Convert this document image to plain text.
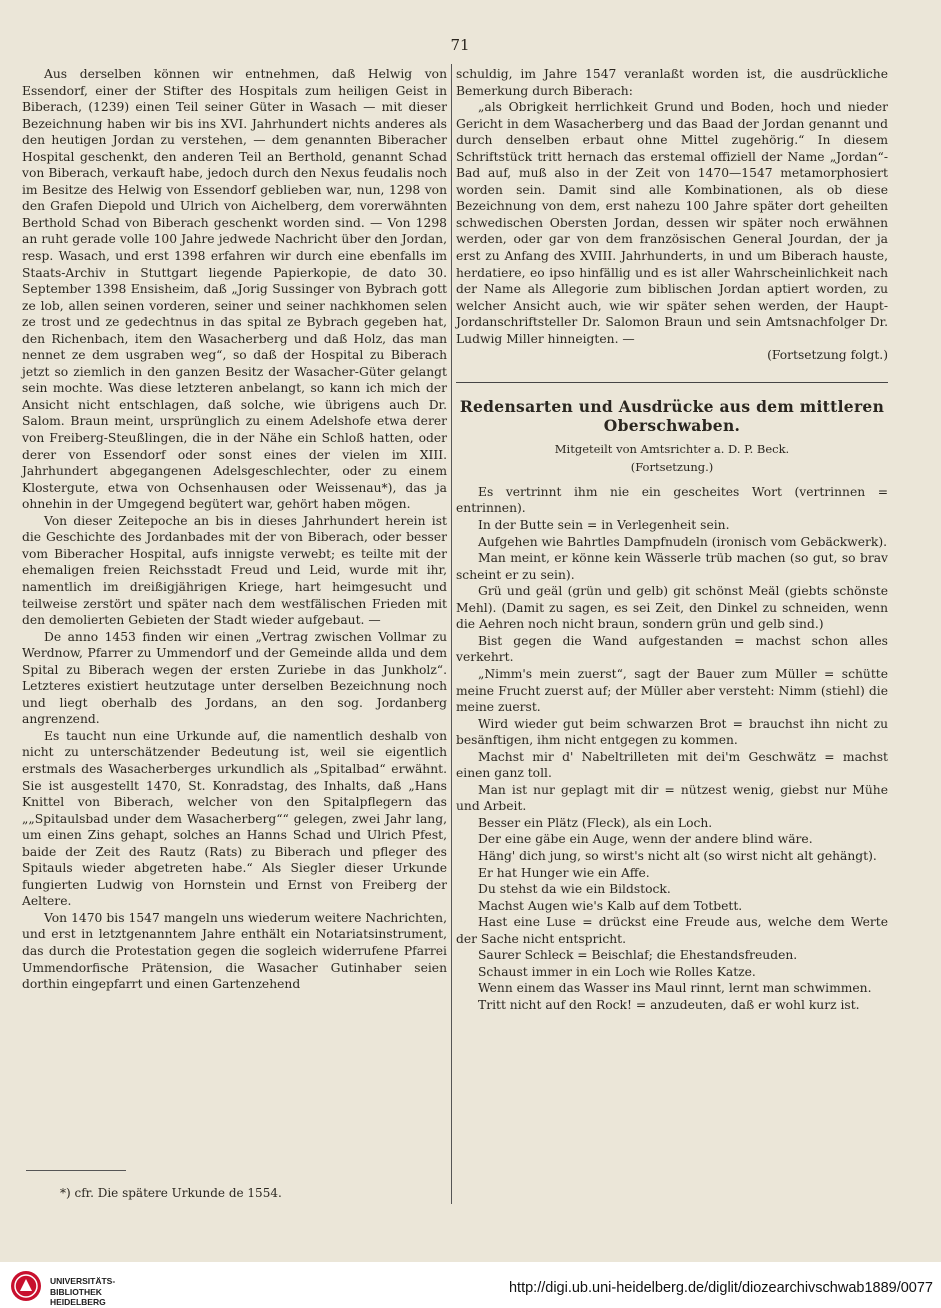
71

Aus derselben können wir entnehmen, daß Helwig von Essendorf, einer der Stifter des Hospitals zum heiligen Geist in Biberach, (1239) einen Teil seiner Güter in Wasach — mit dieser Bezeichnung haben wir bis ins XVI. Jahrhundert nichts anderes als den heutigen Jordan zu verstehen, — dem genannten Biberacher Hospital geschenkt, den anderen Teil an Berthold, genannt Schad von Biberach, verkauft habe, jedoch durch den Nexus feudalis noch im Besitze des Helwig von Essendorf geblieben war, nun, 1298 von den Grafen Diepold und Ulrich von Aichelberg, dem vorerwähnten Berthold Schad von Biberach geschenkt worden sind. — Von 1298 an ruht gerade volle 100 Jahre jedwede Nachricht über den Jordan, resp. Wasach, und erst 1398 erfahren wir durch eine ebenfalls im Staats-Archiv in Stuttgart liegende Papierkopie, de dato 30. September 1398 Ensisheim, daß „Jorig Sussinger von Bybrach gott ze lob, allen seinen vorderen, seiner und seiner nachkhomen selen ze trost und ze gedechtnus in das spital ze Bybrach gegeben hat, den Richenbach, item den Wasacherberg und daß Holz, das man nennet ze dem usgraben weg“, so daß der Hospital zu Biberach jetzt so ziemlich in den ganzen Besitz der Wasacher-Güter gelangt sein mochte. Was diese letzteren anbelangt, so kann ich mich der Ansicht nicht entschlagen, daß solche, wie übrigens auch Dr. Salom. Braun meint, ursprünglich zu einem Adelshofe etwa derer von Freiberg-Steußlingen, die in der Nähe ein Schloß hatten, oder derer von Essendorf oder sonst eines der vielen im XIII. Jahrhundert abgegangenen Adelsgeschlechter, oder zu einem Klostergute, etwa von Ochsenhausen oder Weissenau*), das ja ohnehin in der Umgegend begütert war, gehört haben mögen.

Von dieser Zeitepoche an bis in dieses Jahrhundert herein ist die Geschichte des Jordanbades mit der von Biberach, oder besser vom Biberacher Hospital, aufs innigste verwebt; es teilte mit der ehemaligen freien Reichsstadt Freud und Leid, wurde mit ihr, namentlich im dreißigjährigen Kriege, hart heimgesucht und teilweise zerstört und später nach dem westfälischen Frieden mit den demolierten Gebieten der Stadt wieder aufgebaut. —

De anno 1453 finden wir einen „Vertrag zwischen Vollmar zu Werdnow, Pfarrer zu Ummendorf und der Gemeinde allda und dem Spital zu Biberach wegen der ersten Zuriebe in das Junkholz“. Letzteres existiert heutzutage unter derselben Bezeichnung noch und liegt oberhalb des Jordans, an den sog. Jordanberg angrenzend.

Es taucht nun eine Urkunde auf, die namentlich deshalb von nicht zu unterschätzender Bedeutung ist, weil sie eigentlich erstmals des Wasacherberges urkundlich als „Spitalbad“ erwähnt. Sie ist ausgestellt 1470, St. Konradstag, des Inhalts, daß „Hans Knittel von Biberach, welcher von den Spitalpflegern das „„Spitaulsbad under dem Wasacherberg““ gelegen, zwei Jahr lang, um einen Zins gehapt, solches an Hanns Schad und Ulrich Pfest, baide der Zeit des Rautz (Rats) zu Biberach und pfleger des Spitauls wieder abgetreten habe.“ Als Siegler dieser Urkunde fungierten Ludwig von Hornstein und Ernst von Freiberg der Aeltere.

Von 1470 bis 1547 mangeln uns wiederum weitere Nachrichten, und erst in letztgenanntem Jahre enthält ein Notariatsinstrument, das durch die Protestation gegen die sogleich widerrufene Pfarrei Ummendorfische Prätension, die Wasacher Gutinhaber seien dorthin eingepfarrt und einen Gartenzehend

*) cfr. Die spätere Urkunde de 1554.

schuldig, im Jahre 1547 veranlaßt worden ist, die ausdrückliche Bemerkung durch Biberach:

„als Obrigkeit herrlichkeit Grund und Boden, hoch und nieder Gericht in dem Wasacherberg und das Baad der Jordan genannt und durch denselben erbaut ohne Mittel zugehörig.“ In diesem Schriftstück tritt hernach das erstemal offiziell der Name „Jordan“-Bad auf, muß also in der Zeit von 1470—1547 metamorphosiert worden sein. Damit sind alle Kombinationen, als ob diese Bezeichnung von dem, erst nahezu 100 Jahre später dort geheilten schwedischen Obersten Jordan, dessen wir später noch erwähnen werden, oder gar von dem französischen General Jourdan, der ja erst zu Anfang des XVIII. Jahrhunderts, in und um Biberach hauste, herdatiere, eo ipso hinfällig und es ist aller Wahrscheinlichkeit nach der Name als Allegorie zum biblischen Jordan aptiert worden, zu welcher Ansicht auch, wie wir später sehen werden, der Haupt-Jordanschriftsteller Dr. Salomon Braun und sein Amtsnachfolger Dr. Ludwig Miller hinneigten. —

(Fortsetzung folgt.)

Redensarten und Ausdrücke aus dem mittleren Oberschwaben.
Mitgeteilt von Amtsrichter a. D. P. Beck.
(Fortsetzung.)

Es vertrinnt ihm nie ein gescheites Wort (vertrinnen = entrinnen).

In der Butte sein = in Verlegenheit sein.

Aufgehen wie Bahrtles Dampfnudeln (ironisch vom Gebäckwerk).

Man meint, er könne kein Wässerle trüb machen (so gut, so brav scheint er zu sein).

Grü und geäl (grün und gelb) git schönst Meäl (giebts schönste Mehl). (Damit zu sagen, es sei Zeit, den Dinkel zu schneiden, wenn die Aehren noch nicht braun, sondern grün und gelb sind.)

Bist gegen die Wand aufgestanden = machst schon alles verkehrt.

„Nimm's mein zuerst“, sagt der Bauer zum Müller = schütte meine Frucht zuerst auf; der Müller aber versteht: Nimm (stiehl) die meine zuerst.

Wird wieder gut beim schwarzen Brot = brauchst ihn nicht zu besänftigen, ihm nicht entgegen zu kommen.

Machst mir d' Nabeltrilleten mit dei'm Geschwätz = machst einen ganz toll.

Man ist nur geplagt mit dir = nützest wenig, giebst nur Mühe und Arbeit.

Besser ein Plätz (Fleck), als ein Loch.

Der eine gäbe ein Auge, wenn der andere blind wäre.

Häng' dich jung, so wirst's nicht alt (so wirst nicht alt gehängt).

Er hat Hunger wie ein Affe.

Du stehst da wie ein Bildstock.

Machst Augen wie's Kalb auf dem Totbett.

Hast eine Luse = drückst eine Freude aus, welche dem Werte der Sache nicht entspricht.

Saurer Schleck = Beischlaf; die Ehestandsfreuden.

Schaust immer in ein Loch wie Rolles Katze.

Wenn einem das Wasser ins Maul rinnt, lernt man schwimmen.

Tritt nicht auf den Rock! = anzudeuten, daß er wohl kurz ist.

UNIVERSITÄTS-
BIBLIOTHEK
HEIDELBERG
http://digi.ub.uni-heidelberg.de/diglit/diozearchivschwab1889/0077
